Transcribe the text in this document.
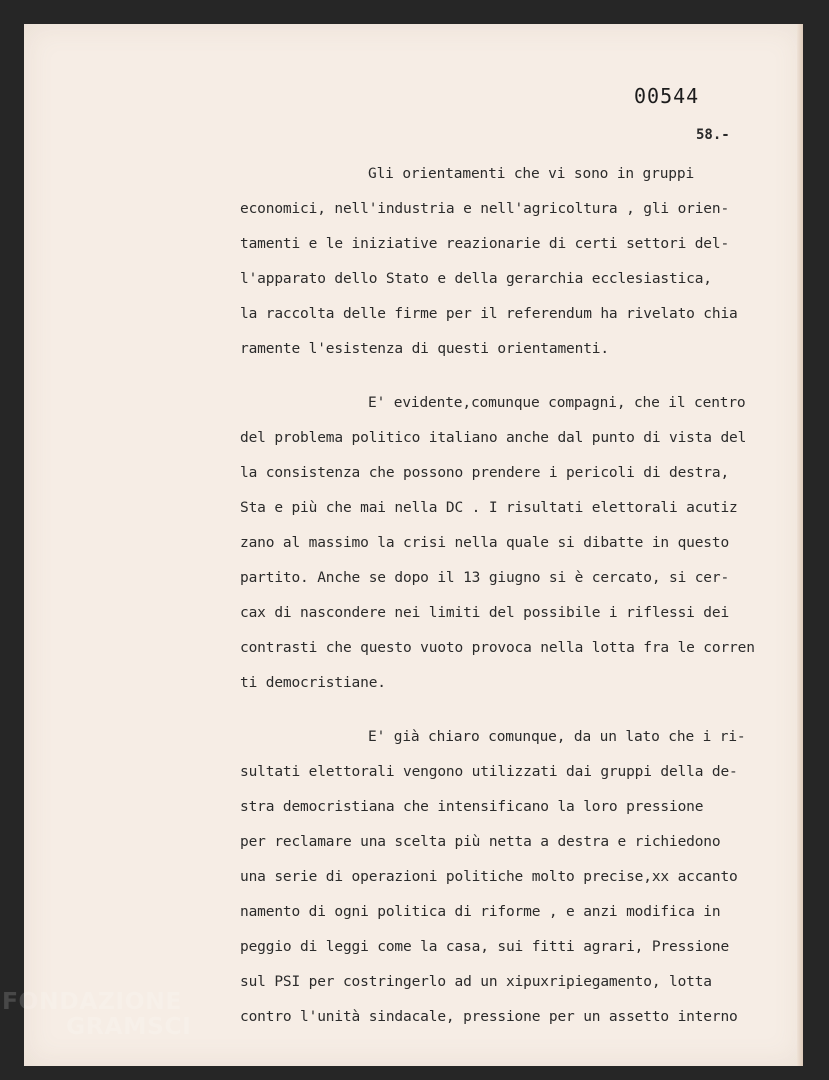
00544
58.-
Gli orientamenti che vi sono in gruppi
economici, nell'industria e nell'agricoltura , gli orien-
tamenti e le iniziative reazionarie di certi settori del-
l'apparato dello Stato e della gerarchia ecclesiastica,
la raccolta delle firme per il referendum ha rivelato chia
ramente l'esistenza di questi orientamenti.
E' evidente,comunque compagni, che il centro
del problema politico italiano anche dal punto di vista del
la consistenza che possono prendere i pericoli di destra,
Sta e più che mai nella DC . I risultati elettorali acutiz
zano al massimo la crisi nella quale si dibatte in questo
partito. Anche se dopo il 13 giugno si è cercato, si cer-
cax di nascondere nei limiti del possibile i riflessi dei
contrasti che questo vuoto provoca nella lotta fra le corren
ti democristiane.
E' già chiaro comunque, da un lato che i ri-
sultati elettorali vengono utilizzati dai gruppi della de-
stra democristiana che intensificano la loro pressione
per reclamare una scelta più netta a destra e richiedono
una serie di operazioni politiche molto precise,xx accanto
namento di ogni politica di riforme , e anzi modifica in
peggio di leggi come la casa, sui fitti agrari, Pressione
sul PSI per costringerlo ad un xipuxripiegamento, lotta
contro l'unità sindacale, pressione per un assetto interno
FONDAZIONE
GRAMSCI
